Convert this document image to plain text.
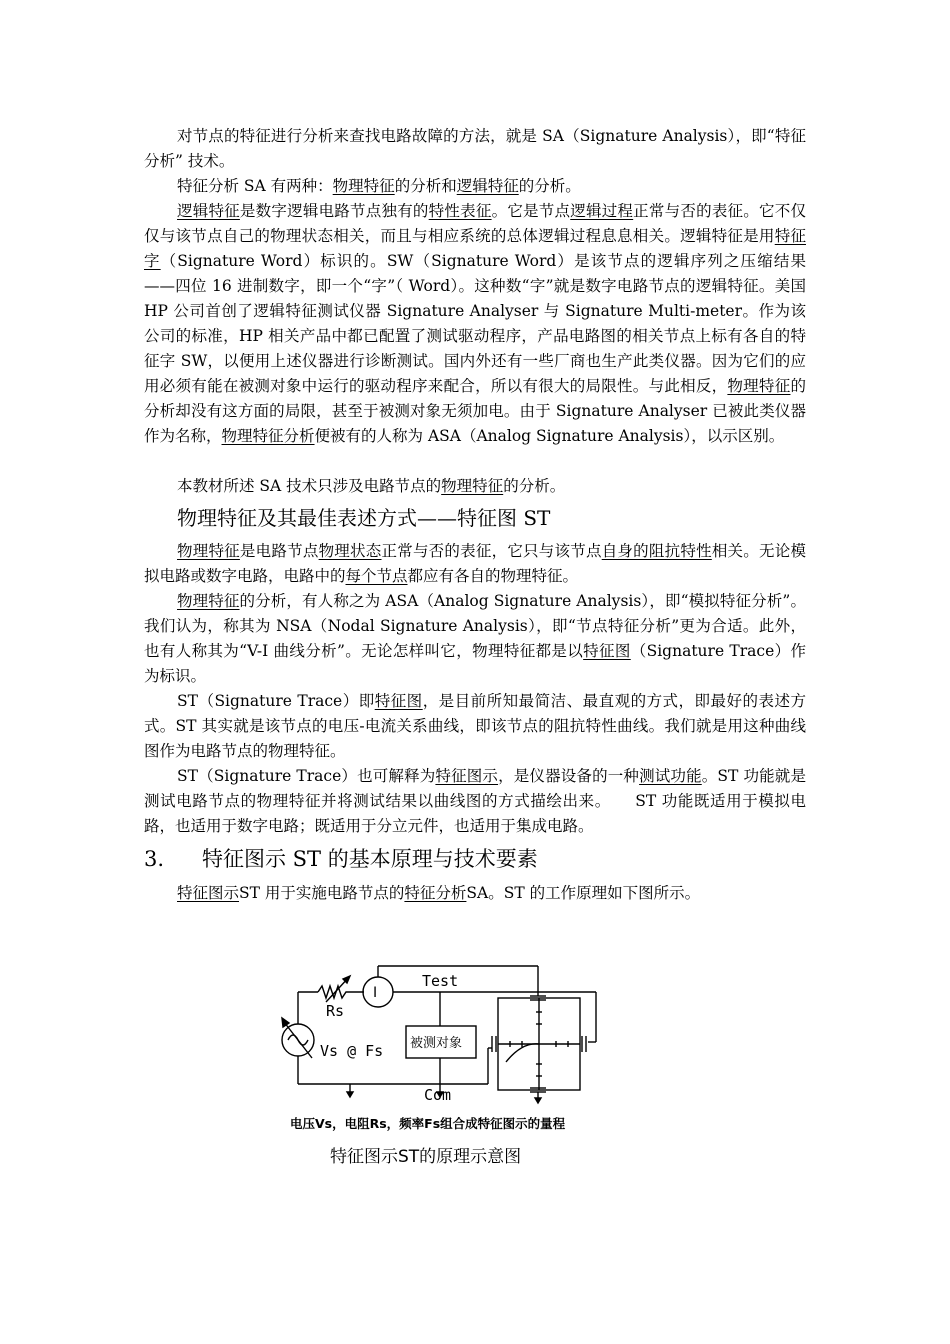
对节点的特征进行分析来查找电路故障的方法，就是 SA（Signature Analysis），即“特征分析” 技术。

特征分析 SA 有两种：物理特征的分析和逻辑特征的分析。

逻辑特征是数字逻辑电路节点独有的特性表征。它是节点逻辑过程正常与否的表征。它不仅仅与该节点自己的物理状态相关，而且与相应系统的总体逻辑过程息息相关。逻辑特征是用特征字（Signature Word）标识的。SW（Signature Word）是该节点的逻辑序列之压缩结果——四位 16 进制数字，即一个“字”（ Word）。这种数“字”就是数字电路节点的逻辑特征。美国 HP 公司首创了逻辑特征测试仪器 Signature Analyser 与 Signature Multi-meter。作为该公司的标准，HP 相关产品中都已配置了测试驱动程序，产品电路图的相关节点上标有各自的特征字 SW，以便用上述仪器进行诊断测试。国内外还有一些厂商也生产此类仪器。因为它们的应用必须有能在被测对象中运行的驱动程序来配合，所以有很大的局限性。与此相反，物理特征的分析却没有这方面的局限，甚至于被测对象无须加电。由于 Signature Analyser 已被此类仪器作为名称，物理特征分析便被有的人称为 ASA（Analog Signature Analysis），以示区别。

本教材所述 SA 技术只涉及电路节点的物理特征的分析。

物理特征及其最佳表述方式——特征图 ST

物理特征是电路节点物理状态正常与否的表征，它只与该节点自身的阻抗特性相关。无论模拟电路或数字电路，电路中的每个节点都应有各自的物理特征。

物理特征的分析，有人称之为 ASA（Analog Signature Analysis），即“模拟特征分析”。我们认为，称其为 NSA（Nodal Signature Analysis），即“节点特征分析”更为合适。此外，也有人称其为“V-I 曲线分析”。无论怎样叫它，物理特征都是以特征图（Signature Trace）作为标识。

ST（Signature Trace）即特征图，是目前所知最简洁、最直观的方式，即最好的表述方式。ST 其实就是该节点的电压-电流关系曲线，即该节点的阻抗特性曲线。我们就是用这种曲线图作为电路节点的物理特征。

ST（Signature Trace）也可解释为特征图示，是仪器设备的一种测试功能。ST 功能就是测试电路节点的物理特征并将测试结果以曲线图的方式描绘出来。　　ST 功能既适用于模拟电路，也适用于数字电路；既适用于分立元件，也适用于集成电路。

3. 特征图示 ST 的基本原理与技术要素

特征图示ST 用于实施电路节点的特征分析SA。ST 的工作原理如下图所示。

I
Test
Rs
Vs @ Fs 被测对象
Com
电压Vs，电阻Rs，频率Fs组合成特征图示的量程
特征图示ST的原理示意图
